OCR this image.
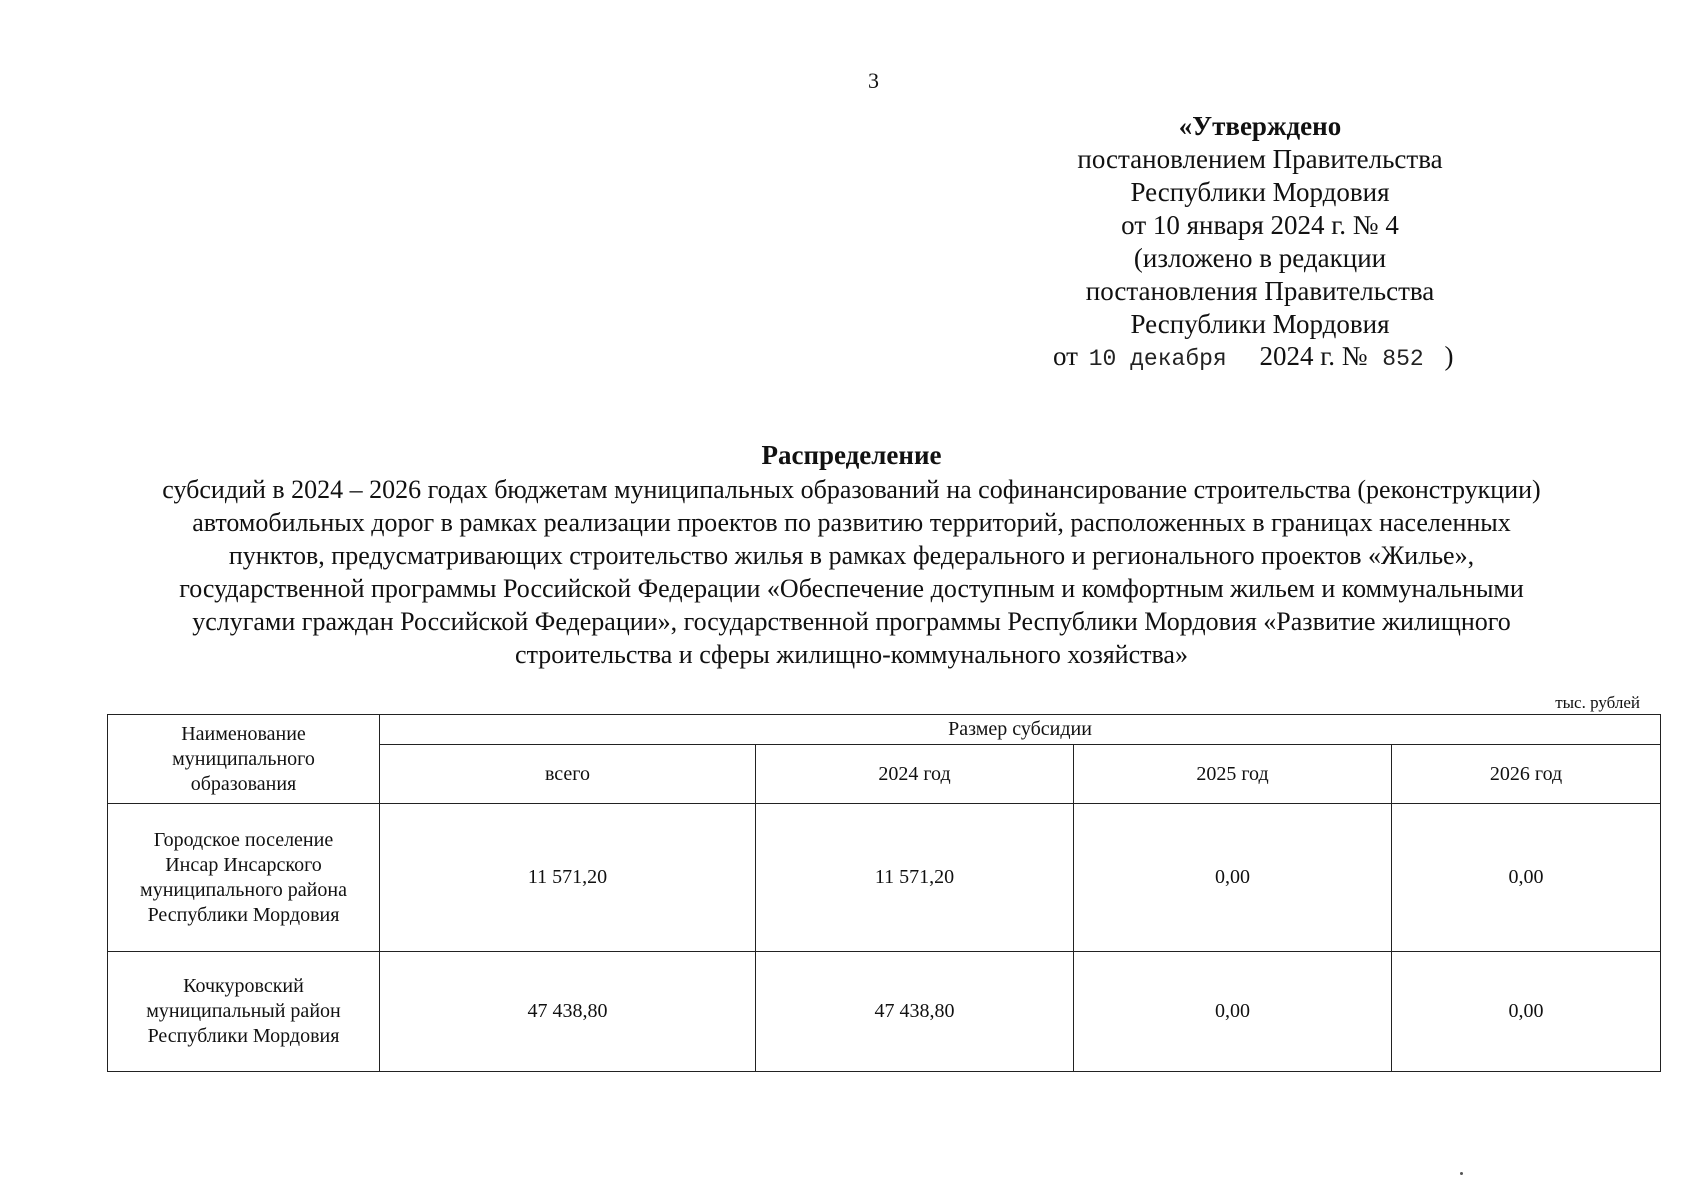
3
«Утверждено
постановлением Правительства
Республики Мордовия
от 10 января 2024 г. № 4
(изложено в редакции
постановления Правительства
Республики Мордовия
от 10 декабря 2024 г. № 852 )
Распределение
субсидий в 2024 – 2026 годах бюджетам муниципальных образований на софинансирование строительства (реконструкции)
автомобильных дорог в рамках реализации проектов по развитию территорий, расположенных в границах населенных
пунктов, предусматривающих строительство жилья в рамках федерального и регионального проектов «Жилье»,
государственной программы Российской Федерации «Обеспечение доступным и комфортным жильем и коммунальными
услугами граждан Российской Федерации», государственной программы Республики Мордовия «Развитие жилищного
строительства и сферы жилищно-коммунального хозяйства»
тыс. рублей
Наименование
муниципального
образования	Размер субсидии			
	всего	2024 год	2025 год	2026 год

Городское поселение
Инсар Инсарского
муниципального района
Республики Мордовия	11 571,20	11 571,20	0,00	0,00

Кочкуровский
муниципальный район
Республики Мордовия	47 438,80	47 438,80	0,00	0,00
